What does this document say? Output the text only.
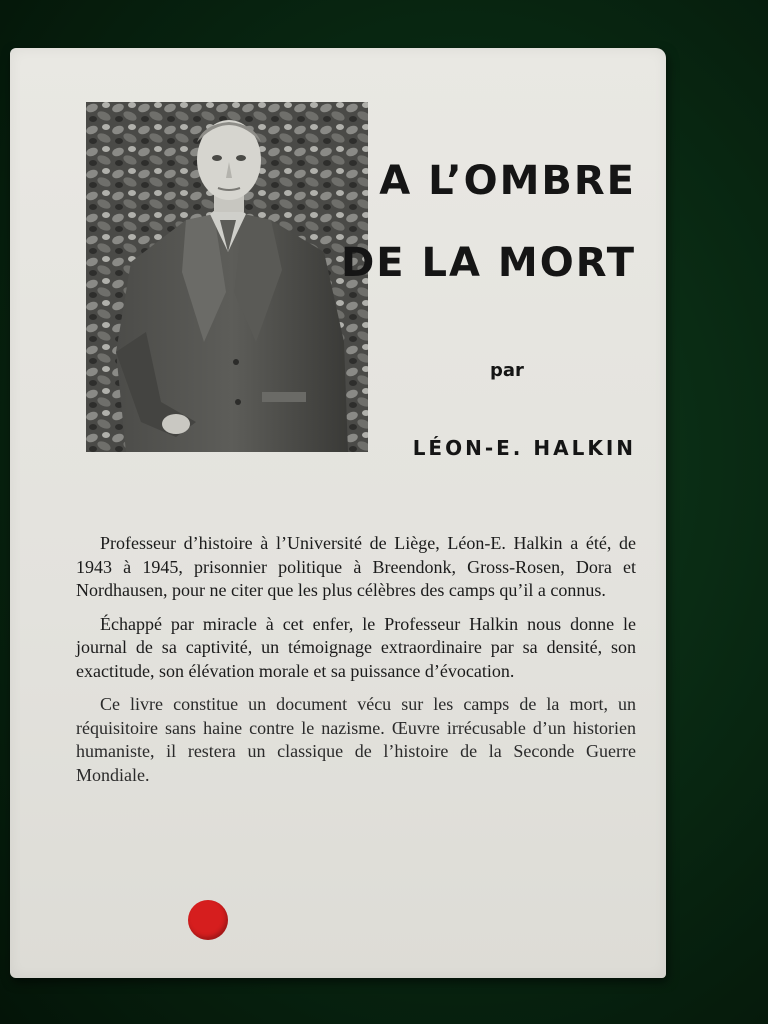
A L’OMBRE
DE LA MORT
par
LÉON-E. HALKIN

Professeur d’histoire à l’Université de Liège, Léon-E. Halkin a été, de 1943 à 1945, prisonnier politique à Breendonk, Gross-Rosen, Dora et Nordhausen, pour ne citer que les plus célèbres des camps qu’il a connus.

Échappé par miracle à cet enfer, le Professeur Halkin nous donne le journal de sa captivité, un témoignage extraordinaire par sa densité, son exactitude, son élévation morale et sa puissance d’évocation.

Ce livre constitue un document vécu sur les camps de la mort, un réquisitoire sans haine contre le nazisme. Œuvre irrécusable d’un historien humaniste, il restera un classique de l’histoire de la Seconde Guerre Mondiale.
